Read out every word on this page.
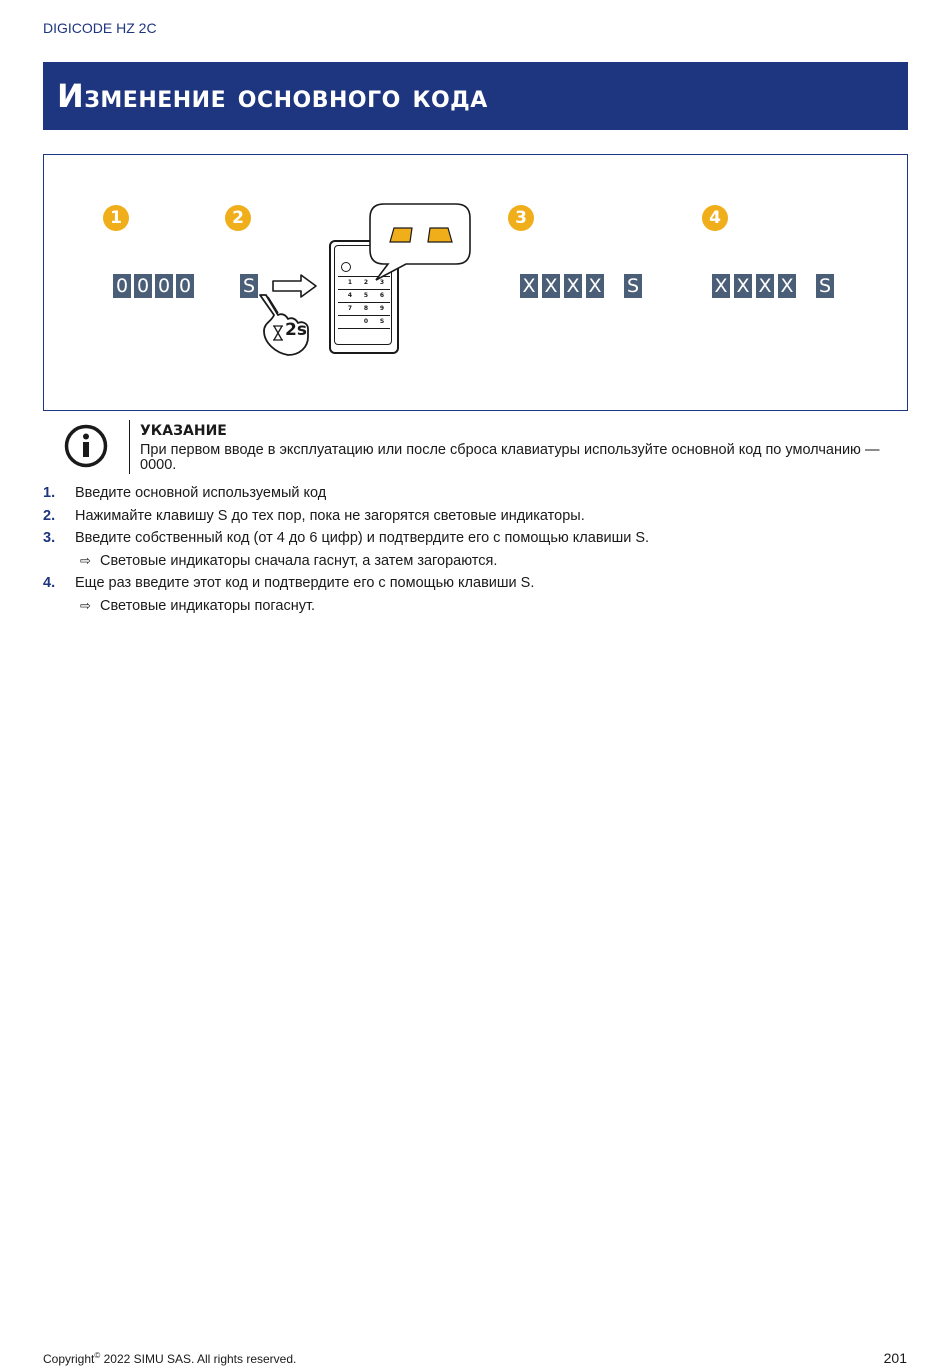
DIGICODE HZ 2C
Изменение основного кода
1	2	3	4
0 0 0 0	S
2s
1	2	3
4	5	6
7	8	9
0	S
X X X X S	X X X X S
УКАЗАНИЕ
При первом вводе в эксплуатацию или после сброса клавиатуры используйте основной код по умолчанию — 0000.
1. Введите основной используемый код
2. Нажимайте клавишу S до тех пор, пока не загорятся световые индикаторы.
3. Введите собственный код (от 4 до 6 цифр) и подтвердите его с помощью клавиши S.
⇨ Световые индикаторы сначала гаснут, а затем загораются.
4. Еще раз введите этот код и подтвердите его с помощью клавиши S.
⇨ Световые индикаторы погаснут.
Copyright© 2022 SIMU SAS. All rights reserved.	201
